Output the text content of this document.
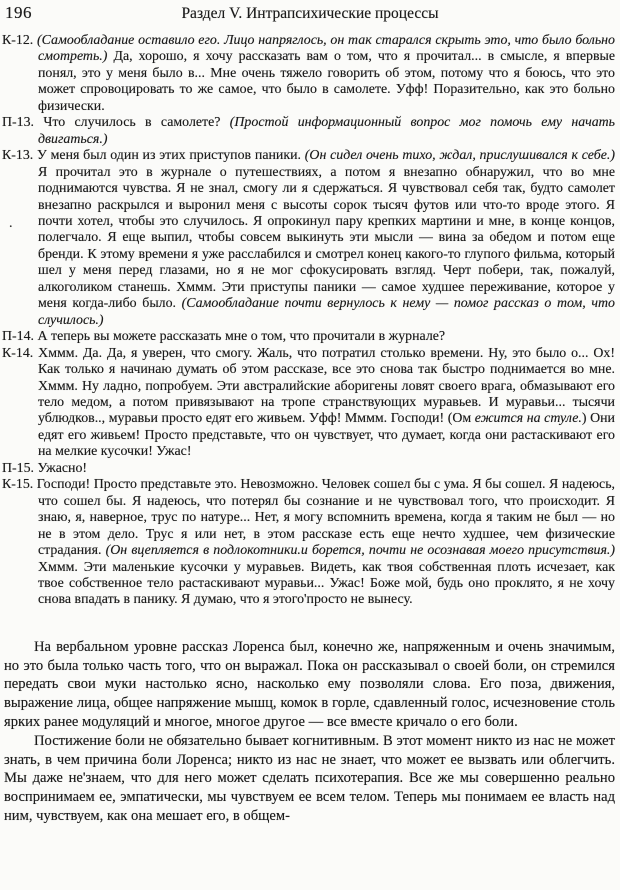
196	Раздел V. Интрапсихические процессы
.
К-12. (Самообладание оставило его. Лицо напряглось, он так старался скрыть это, что было больно смотреть.) Да, хорошо, я хочу рассказать вам о том, что я прочитал... в смысле, я впервые понял, это у меня было в... Мне очень тяжело говорить об этом, потому что я боюсь, что это может спровоцировать то же самое, что было в самолете. Уфф! Поразительно, как это больно физически.
П-13. Что случилось в самолете? (Простой информационный вопрос мог помочь ему начать двигаться.)
К-13. У меня был один из этих приступов паники. (Он сидел очень тихо, ждал, прислушивался к себе.) Я прочитал это в журнале о путешествиях, а потом я внезапно обнаружил, что во мне поднимаются чувства. Я не знал, смогу ли я сдержаться. Я чувствовал себя так, будто самолет внезапно раскрылся и выронил меня с высоты сорок тысяч футов или что-то вроде этого. Я почти хотел, чтобы это случилось. Я опрокинул пару крепких мартини и мне, в конце концов, полегчало. Я еще выпил, чтобы совсем выкинуть эти мысли — вина за обедом и потом еще бренди. К этому времени я уже расслабился и смотрел конец какого-то глупого фильма, который шел у меня перед глазами, но я не мог сфокусировать взгляд. Черт побери, так, пожалуй, алкоголиком станешь. Хммм. Эти приступы паники — самое худшее переживание, которое у меня когда-либо было. (Самообладание почти вернулось к нему — помог рассказ о том, что случилось.)
П-14. А теперь вы можете рассказать мне о том, что прочитали в журнале?
К-14. Хммм. Да. Да, я уверен, что смогу. Жаль, что потратил столько времени. Ну, это было о... Ох! Как только я начинаю думать об этом рассказе, все это снова так быстро поднимается во мне. Хммм. Ну ладно, попробуем. Эти австралийские аборигены ловят своего врага, обмазывают его тело медом, а потом привязывают на тропе странствующих муравьев. И муравьи... тысячи ублюдков.., муравьи просто едят его живьем. Уфф! Мммм. Господи! (Ом ежится на стуле.) Они едят его живьем! Просто представьте, что он чувствует, что думает, когда они растаскивают его на мелкие кусочки! Ужас!
П-15. Ужасно!
К-15. Господи! Просто представьте это. Невозможно. Человек сошел бы с ума. Я бы сошел. Я надеюсь, что сошел бы. Я надеюсь, что потерял бы сознание и не чувствовал того, что происходит. Я знаю, я, наверное, трус по натуре... Нет, я могу вспомнить времена, когда я таким не был — но не в этом дело. Трус я или нет, в этом рассказе есть еще нечто худшее, чем физические страдания. (Он вцепляется в подлокотники.и борется, почти не осознавая моего присутствия.) Хммм. Эти маленькие кусочки у муравьев. Видеть, как твоя собственная плоть исчезает, как твое собственное тело растаскивают муравьи... Ужас! Боже мой, будь оно проклято, я не хочу снова впадать в панику. Я думаю, что я этого'просто не вынесу.

На вербальном уровне рассказ Лоренса был, конечно же, напряженным и очень значимым, но это была только часть того, что он выражал. Пока он рассказывал о своей боли, он стремился передать свои муки настолько ясно, насколько ему позволяли слова. Его поза, движения, выражение лица, общее напряжение мышц, комок в горле, сдавленный голос, исчезновение столь ярких ранее модуляций и многое, многое другое — все вместе кричало о его боли.

Постижение боли не обязательно бывает когнитивным. В этот момент никто из нас не может знать, в чем причина боли Лоренса; никто из нас не знает, что может ее вызвать или облегчить. Мы даже не'знаем, что для него может сделать психотерапия. Все же мы совершенно реально воспринимаем ее, эмпатически, мы чувствуем ее всем телом. Теперь мы понимаем ее власть над ним, чувствуем, как она мешает его, в общем-
